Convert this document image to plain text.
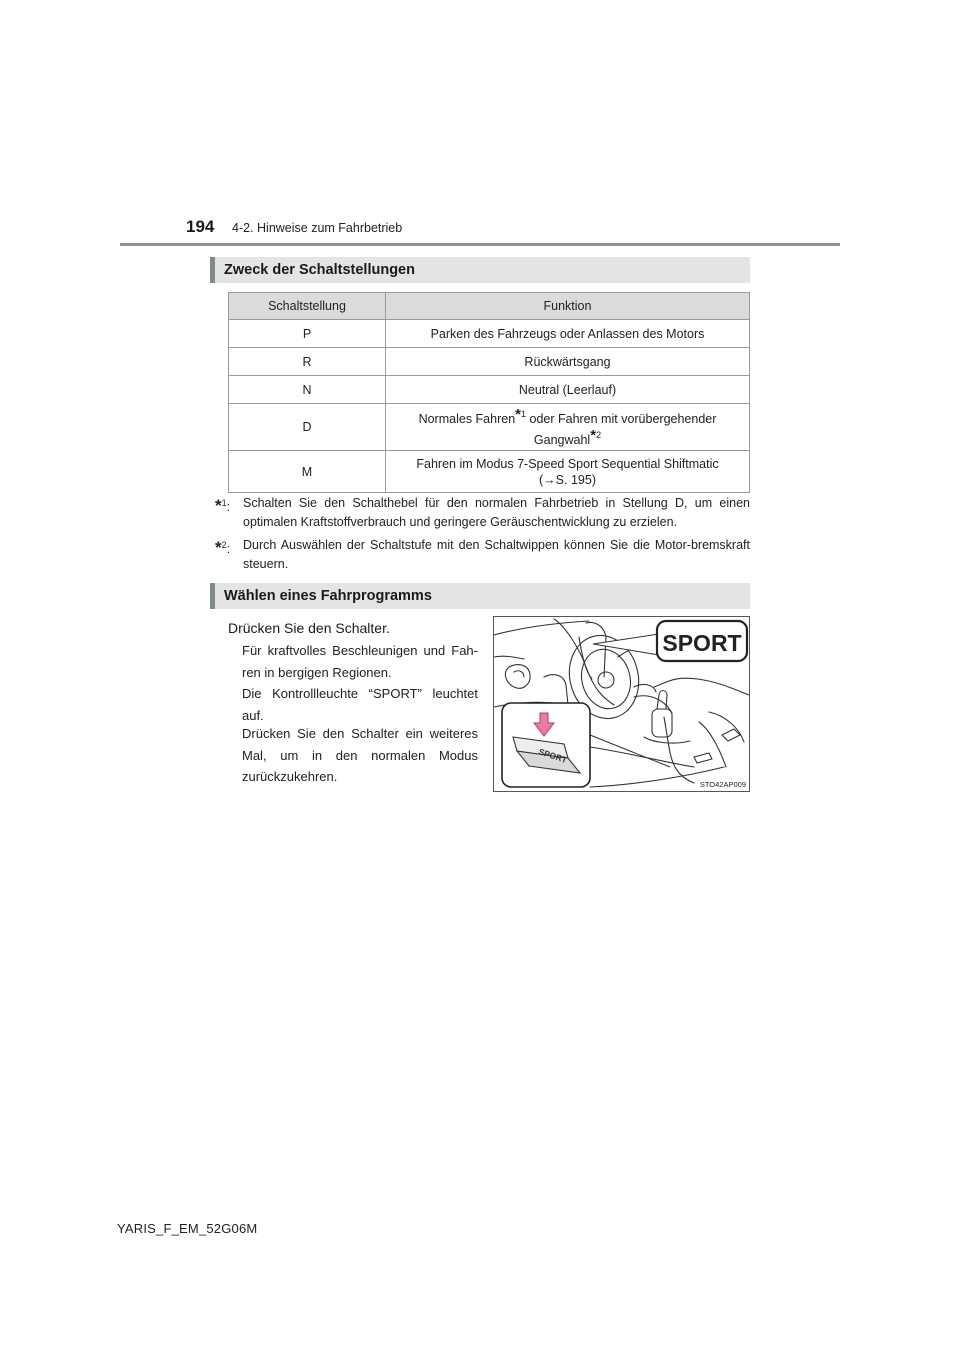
194 4-2. Hinweise zum Fahrbetrieb
Zweck der Schaltstellungen
Schaltstellung	Funktion
P	Parken des Fahrzeugs oder Anlassen des Motors
R	Rückwärtsgang
N	Neutral (Leerlauf)
D	Normales Fahren$^{*1}$ oder Fahren mit vorübergehender
Gangwahl$^{*2}$
M	Fahren im Modus 7-Speed Sport Sequential Shiftmatic
(→S. 195)
*$^1$: Schalten Sie den Schalthebel für den normalen Fahrbetrieb in Stellung D, um einen optimalen Kraftstoffverbrauch und geringere Geräuschentwicklung zu erzielen.
*$^2$: Durch Auswählen der Schaltstufe mit den Schaltwippen können Sie die Motor-bremskraft steuern.
Wählen eines Fahrprogramms
Drücken Sie den Schalter.
Für kraftvolles Beschleunigen und Fah-ren in bergigen Regionen.
Die Kontrollleuchte “SPORT” leuchtet auf.
Drücken Sie den Schalter ein weiteres Mal, um in den normalen Modus zurückzukehren.
SPORT
SPORT
STO42AP009
YARIS_F_EM_52G06M
